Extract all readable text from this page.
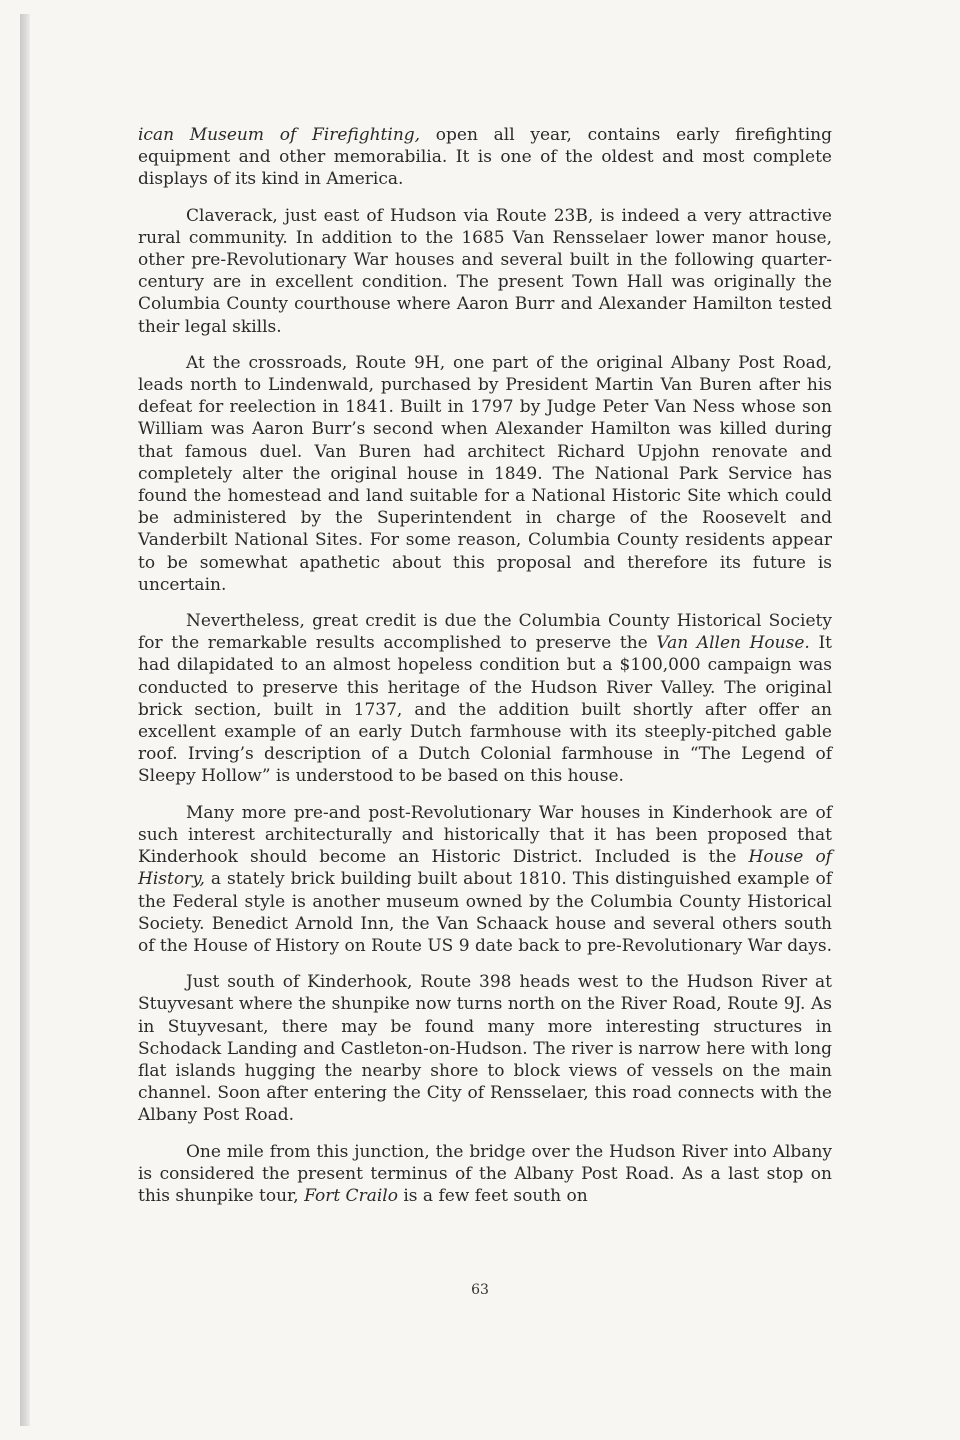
ican Museum of Firefighting, open all year, contains early firefighting equipment and other memorabilia. It is one of the oldest and most complete displays of its kind in America.

Claverack, just east of Hudson via Route 23B, is indeed a very attractive rural community. In addition to the 1685 Van Rensselaer lower manor house, other pre-Revolutionary War houses and several built in the following quarter-century are in excellent condition. The present Town Hall was originally the Columbia County courthouse where Aaron Burr and Alexander Hamilton tested their legal skills.

At the crossroads, Route 9H, one part of the original Albany Post Road, leads north to Lindenwald, purchased by President Martin Van Buren after his defeat for reelection in 1841. Built in 1797 by Judge Peter Van Ness whose son William was Aaron Burr’s second when Alexander Hamilton was killed during that famous duel. Van Buren had architect Richard Upjohn renovate and completely alter the original house in 1849. The National Park Service has found the homestead and land suitable for a National Historic Site which could be administered by the Superintendent in charge of the Roosevelt and Vanderbilt National Sites. For some reason, Columbia County residents appear to be somewhat apathetic about this proposal and therefore its future is uncertain.

Nevertheless, great credit is due the Columbia County Historical Society for the remarkable results accomplished to preserve the Van Allen House. It had dilapidated to an almost hopeless condition but a $100,000 campaign was conducted to preserve this heritage of the Hudson River Valley. The original brick section, built in 1737, and the addition built shortly after offer an excellent example of an early Dutch farmhouse with its steeply-pitched gable roof. Irving’s description of a Dutch Colonial farmhouse in “The Legend of Sleepy Hollow” is understood to be based on this house.

Many more pre-and post-Revolutionary War houses in Kinderhook are of such interest architecturally and historically that it has been proposed that Kinderhook should become an Historic District. Included is the House of History, a stately brick building built about 1810. This distinguished example of the Federal style is another museum owned by the Columbia County Historical Society. Benedict Arnold Inn, the Van Schaack house and several others south of the House of History on Route US 9 date back to pre-Revolutionary War days.

Just south of Kinderhook, Route 398 heads west to the Hudson River at Stuyvesant where the shunpike now turns north on the River Road, Route 9J. As in Stuyvesant, there may be found many more interesting structures in Schodack Landing and Castleton-on-Hudson. The river is narrow here with long flat islands hugging the nearby shore to block views of vessels on the main channel. Soon after entering the City of Rensselaer, this road connects with the Albany Post Road.

One mile from this junction, the bridge over the Hudson River into Albany is considered the present terminus of the Albany Post Road. As a last stop on this shunpike tour, Fort Crailo is a few feet south on

63
